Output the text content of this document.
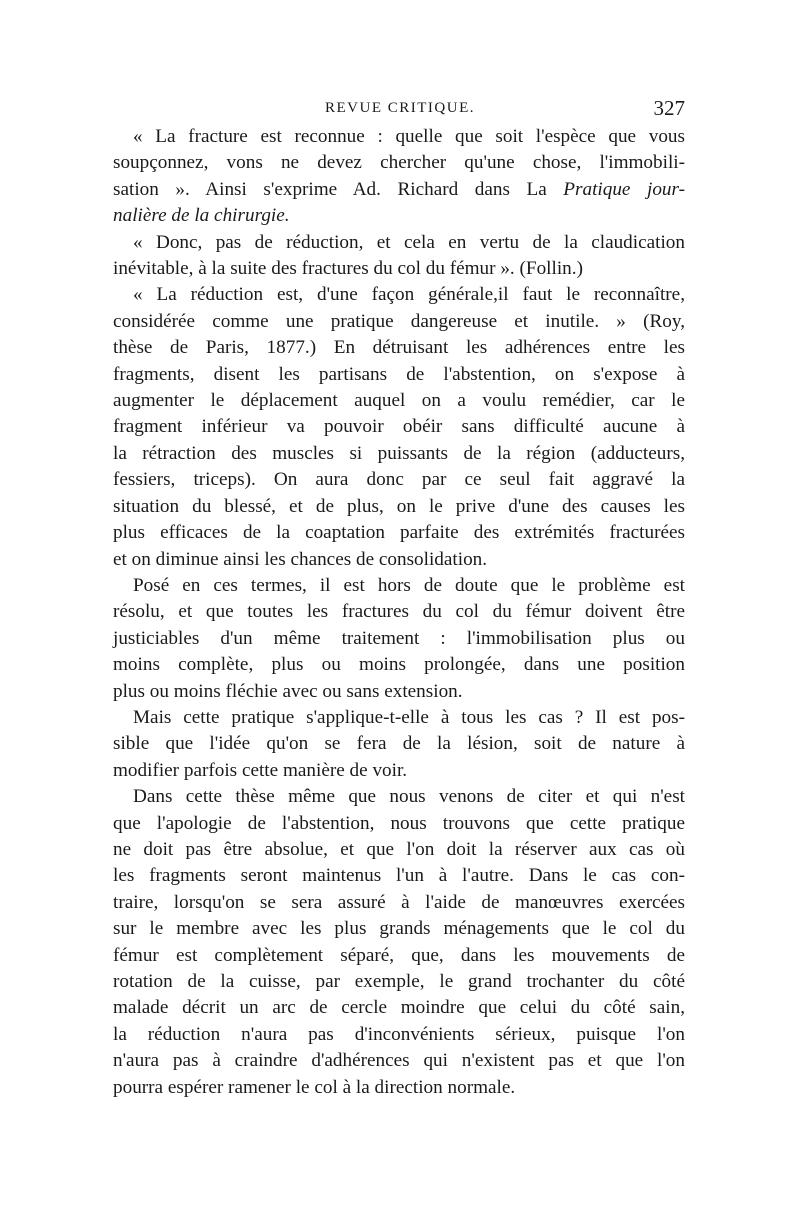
REVUE CRITIQUE.	327
« La fracture est reconnue : quelle que soit l'espèce que vous
soupçonnez, vons ne devez chercher qu'une chose, l'immobili-
sation ». Ainsi s'exprime Ad. Richard dans La Pratique jour-
nalière de la chirurgie.
« Donc, pas de réduction, et cela en vertu de la claudication
inévitable, à la suite des fractures du col du fémur ». (Follin.)
« La réduction est, d'une façon générale,il faut le reconnaître,
considérée comme une pratique dangereuse et inutile. » (Roy,
thèse de Paris, 1877.) En détruisant les adhérences entre les
fragments, disent les partisans de l'abstention, on s'expose à
augmenter le déplacement auquel on a voulu remédier, car le
fragment inférieur va pouvoir obéir sans difficulté aucune à
la rétraction des muscles si puissants de la région (adducteurs,
fessiers, triceps). On aura donc par ce seul fait aggravé la
situation du blessé, et de plus, on le prive d'une des causes les
plus efficaces de la coaptation parfaite des extrémités fracturées
et on diminue ainsi les chances de consolidation.
Posé en ces termes, il est hors de doute que le problème est
résolu, et que toutes les fractures du col du fémur doivent être
justiciables d'un même traitement : l'immobilisation plus ou
moins complète, plus ou moins prolongée, dans une position
plus ou moins fléchie avec ou sans extension.
Mais cette pratique s'applique-t-elle à tous les cas ? Il est pos-
sible que l'idée qu'on se fera de la lésion, soit de nature à
modifier parfois cette manière de voir.
Dans cette thèse même que nous venons de citer et qui n'est
que l'apologie de l'abstention, nous trouvons que cette pratique
ne doit pas être absolue, et que l'on doit la réserver aux cas où
les fragments seront maintenus l'un à l'autre. Dans le cas con-
traire, lorsqu'on se sera assuré à l'aide de manœuvres exercées
sur le membre avec les plus grands ménagements que le col du
fémur est complètement séparé, que, dans les mouvements de
rotation de la cuisse, par exemple, le grand trochanter du côté
malade décrit un arc de cercle moindre que celui du côté sain,
la réduction n'aura pas d'inconvénients sérieux, puisque l'on
n'aura pas à craindre d'adhérences qui n'existent pas et que l'on
pourra espérer ramener le col à la direction normale.
